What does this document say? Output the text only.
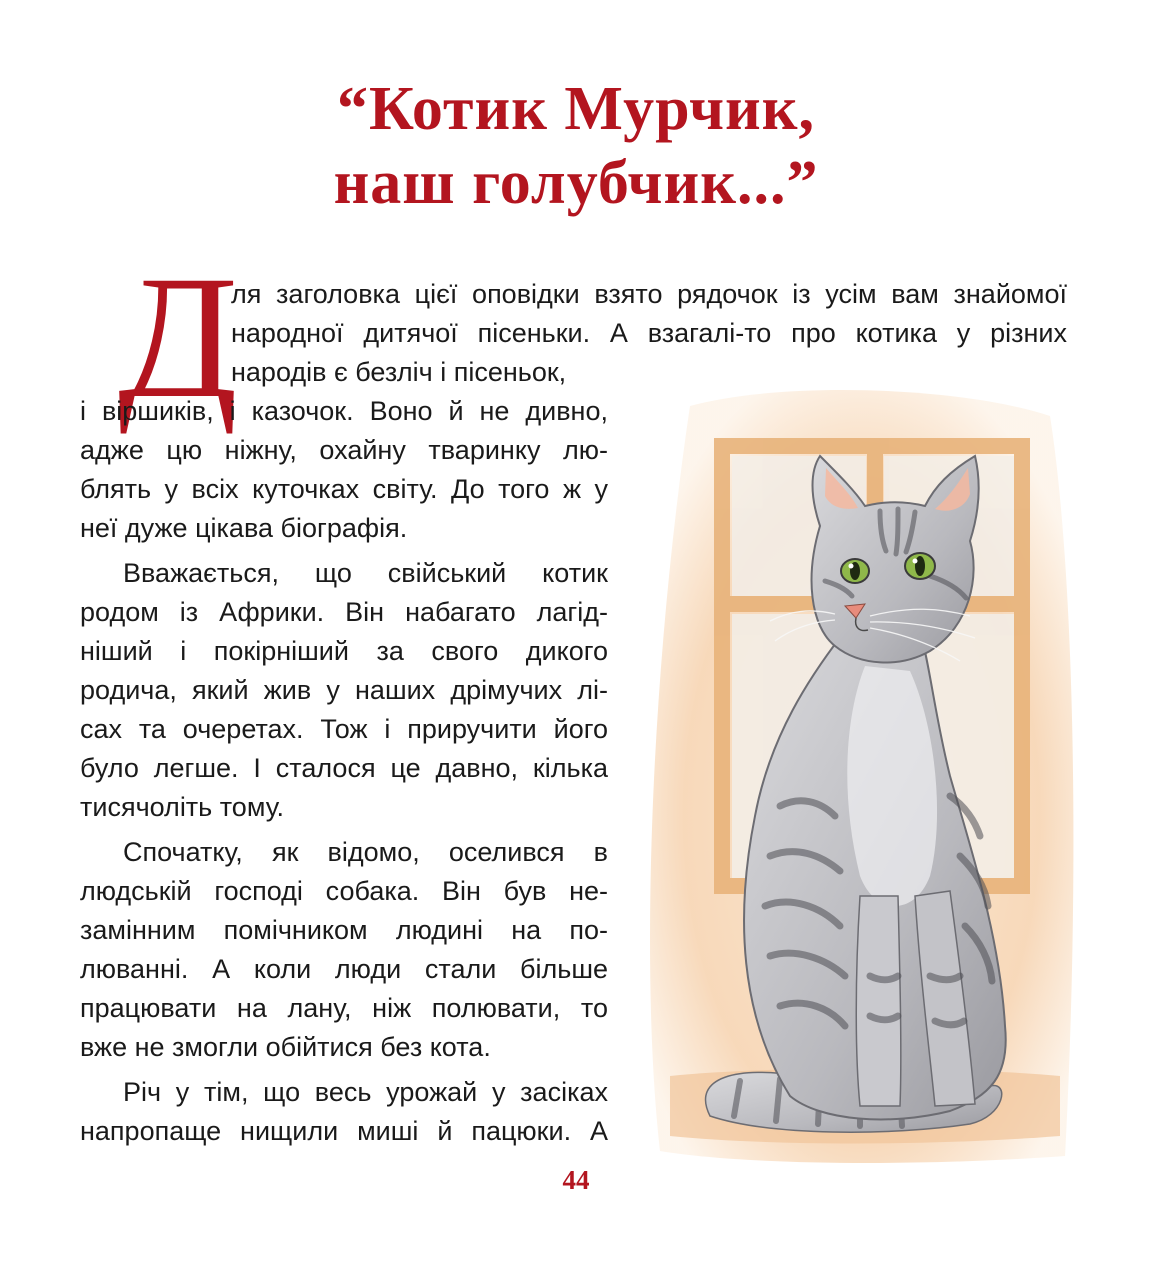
“Котик Мурчик,
наш голубчик...”
Д
ля заголовка цієї оповідки взято рядочок із усім вам знайомої
народної дитячої пісеньки. А взагалі-то про котика у різних
народів є безліч і пісеньок,
і віршиків, і казочок. Воно й не дивно,
адже цю ніжну, охайну тваринку лю-
блять у всіх куточках світу. До того ж у
неї дуже цікава біографія.
Вважається, що свійський котик
родом із Африки. Він набагато лагід-
ніший і покірніший за свого дикого
родича, який жив у наших дрімучих лі-
сах та очеретах. Тож і приручити його
було легше. І сталося це давно, кілька
тисячоліть тому.
Спочатку, як відомо, оселився в
людській господі собака. Він був не-
замінним помічником людині на по-
люванні. А коли люди стали більше
працювати на лану, ніж полювати, то
вже не змогли обійтися без кота.
Річ у тім, що весь урожай у засіках
напропаще нищили миші й пацюки. А
44
